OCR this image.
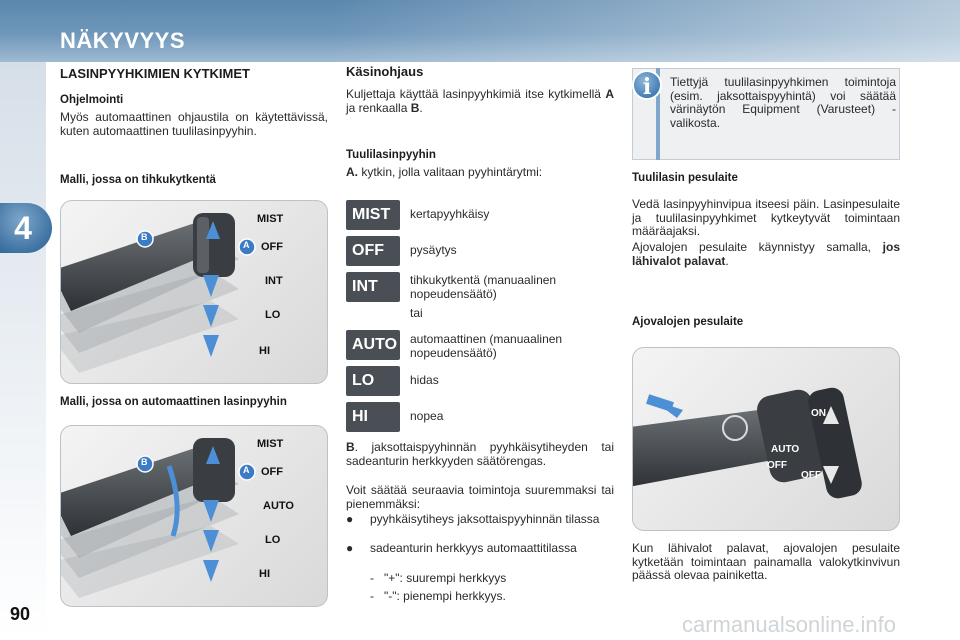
NÄKYVYYS
4
90
LASINPYYHKIMIEN KYTKIMET
Ohjelmointi
Myös automaattinen ohjaustila on käytettävissä, kuten automaattinen tuulilasinpyyhin.
Malli, jossa on tihkukytkentä
B
A
MIST
OFF
INT
LO
HI
Malli, jossa on automaattinen lasinpyyhin
B
A
MIST
OFF
AUTO
LO
HI
Käsinohjaus
Kuljettaja käyttää lasinpyyhkimiä itse kytkimellä A ja renkaalla B.
Tuulilasinpyyhin
A. kytkin, jolla valitaan pyyhintärytmi:
MIST	kertapyyhkäisy
OFF	pysäytys
INT	tihkukytkentä (manuaalinen nopeudensäätö)
tai
AUTO automaattinen (manuaalinen nopeudensäätö)
LO	hidas
HI	nopea
B. jaksottaispyyhinnän pyyhkäisytiheyden tai sadeanturin herkkyyden säätörengas.
Voit säätää seuraavia toimintoja suuremmaksi tai pienemmäksi:
● pyyhkäisytiheys jaksottaispyyhinnän tilassa
● sadeanturin herkkyys automaattitilassa
- "+": suurempi herkkyys
- "-": pienempi herkkyys.
i	Tiettyjä tuulilasinpyyhkimen toimintoja (esim. jaksottaispyyhintä) voi säätää värinäytön Equipment (Varusteet) -valikosta.
Tuulilasin pesulaite
Vedä lasinpyyhinvipua itseesi päin. Lasinpesulaite ja tuulilasinpyyhkimet kytkeytyvät toimintaan määräajaksi.
Ajovalojen pesulaite käynnistyy samalla, jos lähivalot palavat.
Ajovalojen pesulaite
ON
AUTO
OFF
OFF
Kun lähivalot palavat, ajovalojen pesulaite kytketään toimintaan painamalla valokytkinvivun päässä olevaa painiketta.
carmanualsonline.info
